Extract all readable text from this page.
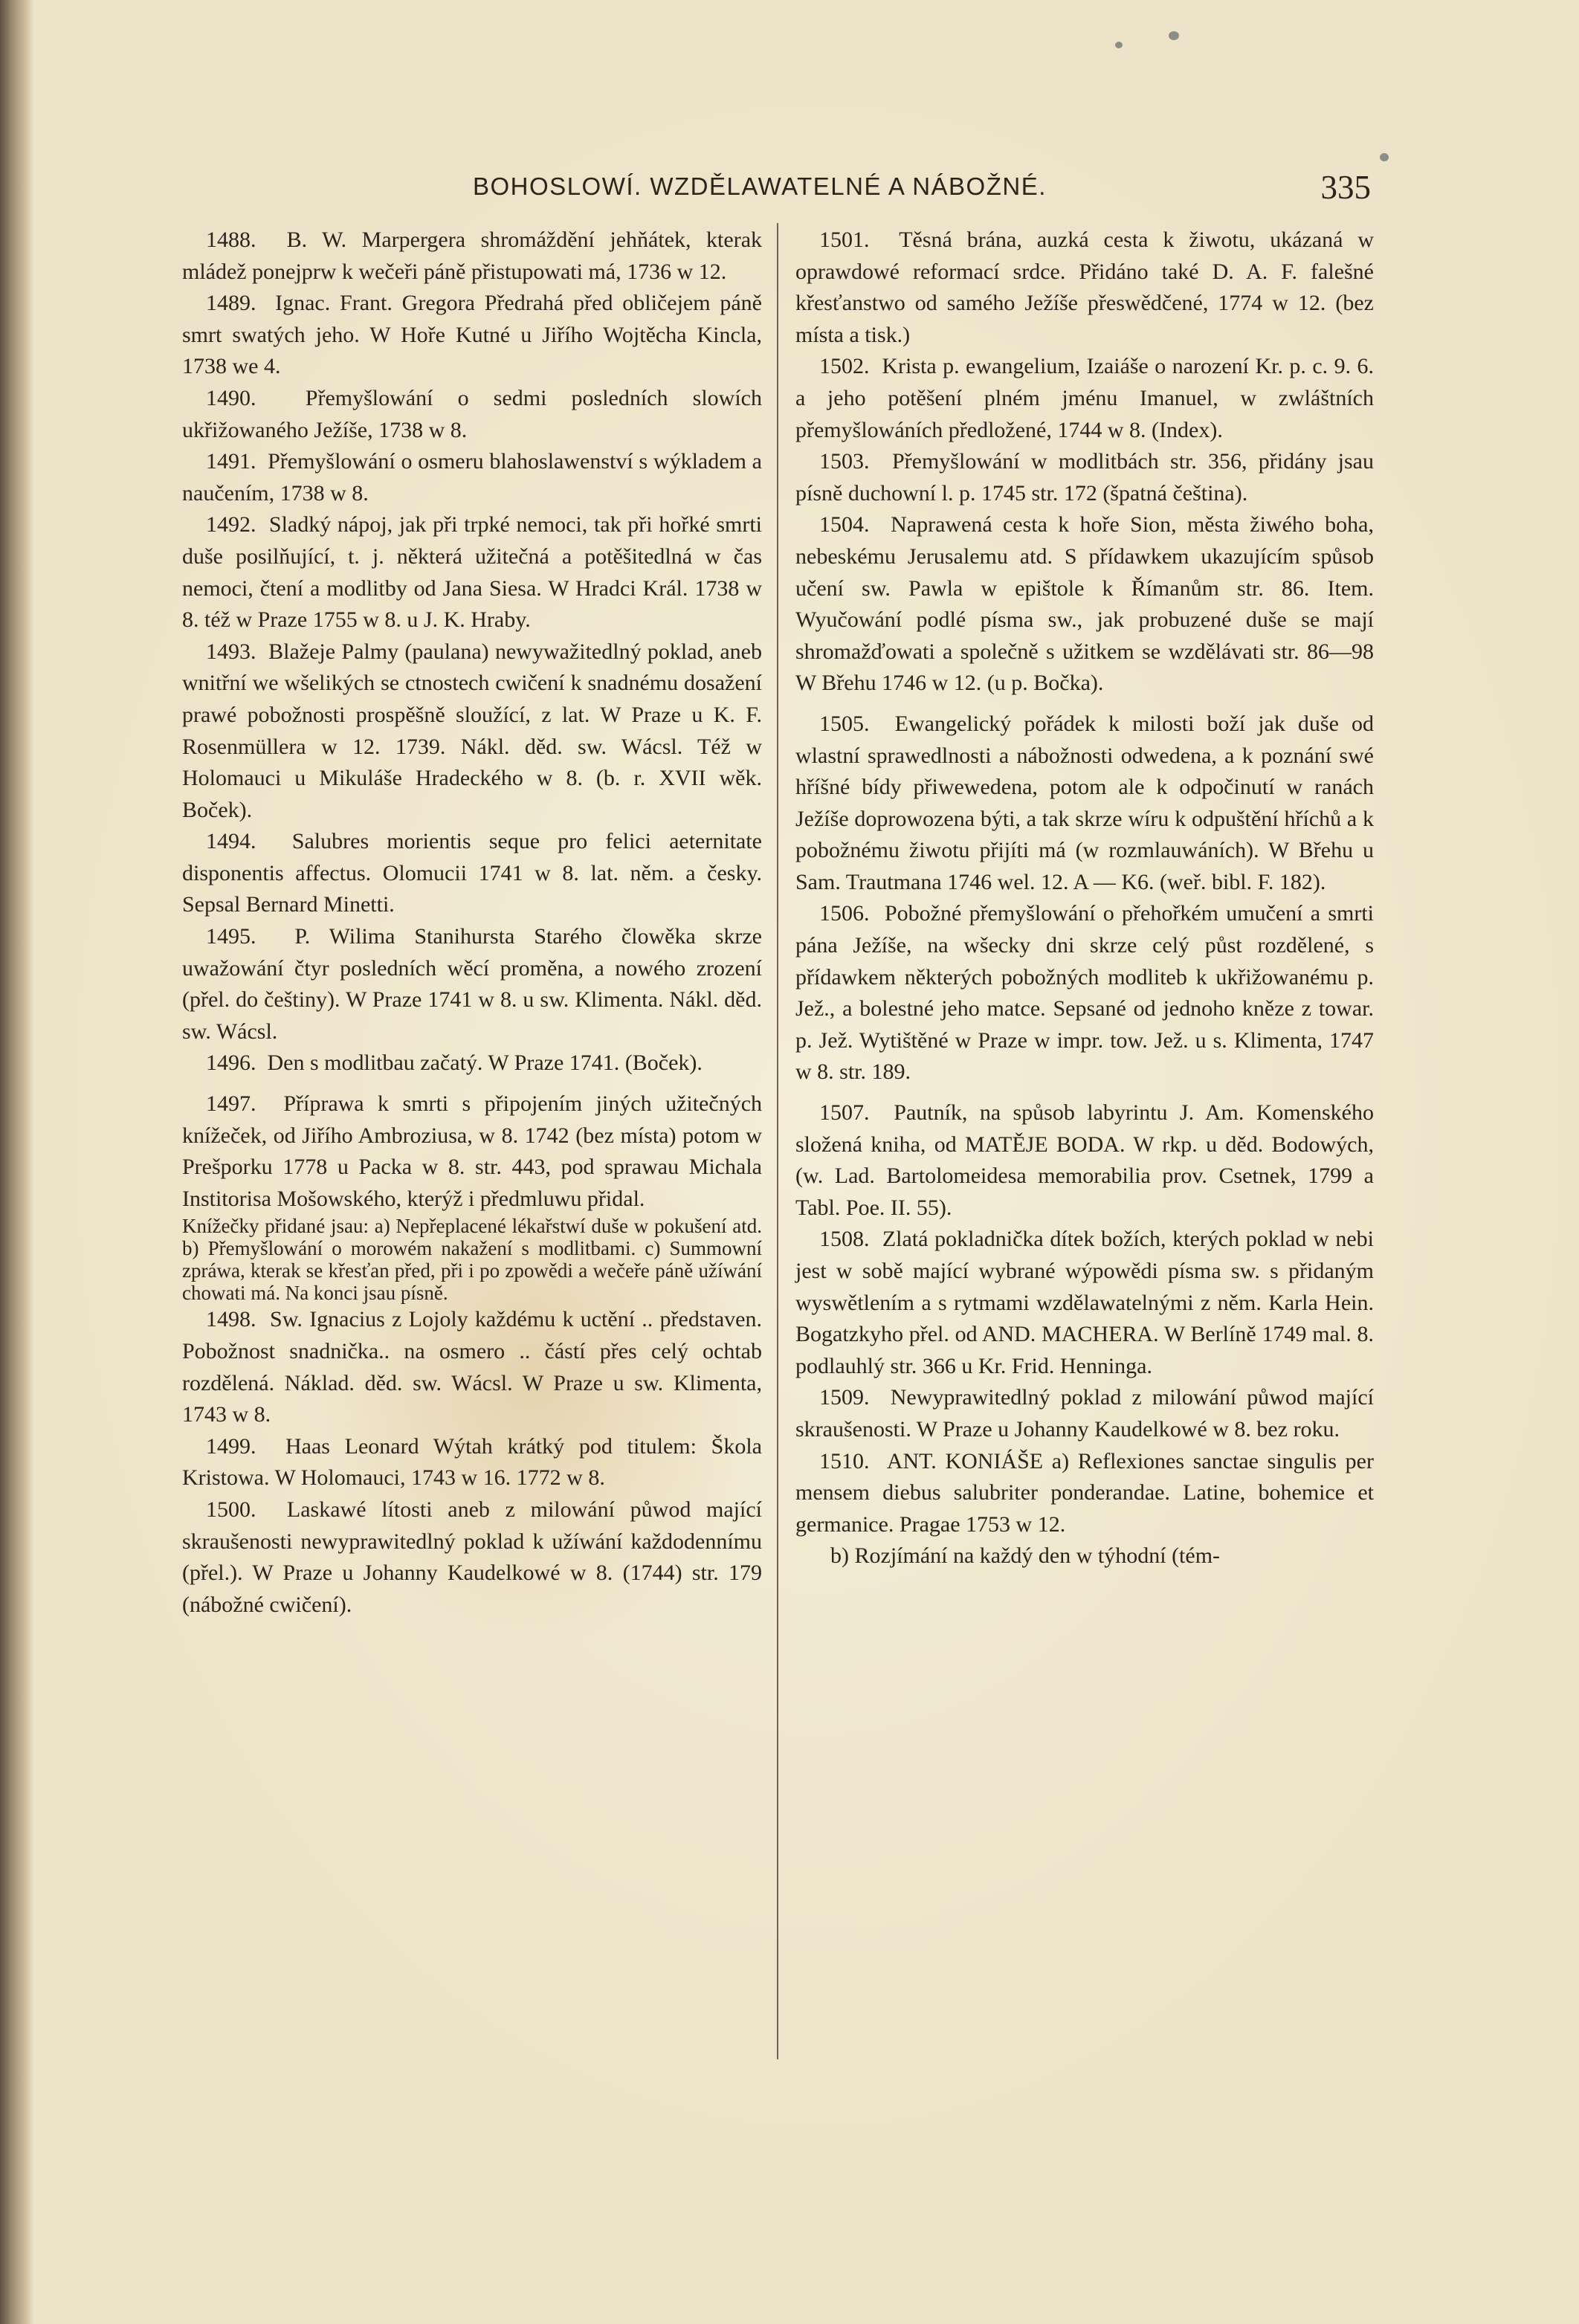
BOHOSLOWÍ. WZDĚLAWATELNÉ A NÁBOŽNÉ.	335

1488. B. W. Marpergera shromáždění jehňátek, kterak mládež ponejprw k wečeři páně přistupowati má, 1736 w 12.

1489. Ignac. Frant. Gregora Předrahá před obličejem páně smrt swatých jeho. W Hoře Kutné u Jiřího Wojtěcha Kincla, 1738 we 4.

1490. Přemyšlowání o sedmi posledních slowích ukřižowaného Ježíše, 1738 w 8.

1491. Přemyšlowání o osmeru blahoslawenství s wýkladem a naučením, 1738 w 8.

1492. Sladký nápoj, jak při trpké nemoci, tak při hořké smrti duše posilňující, t. j. některá užitečná a potěšitedlná w čas nemoci, čtení a modlitby od Jana Siesa. W Hradci Král. 1738 w 8. též w Praze 1755 w 8. u J. K. Hraby.

1493. Blažeje Palmy (paulana) newywažitedlný poklad, aneb wnitřní we wšelikých se ctnostech cwičení k snadnému dosažení prawé pobožnosti prospěšně sloužící, z lat. W Praze u K. F. Rosenmüllera w 12. 1739. Nákl. děd. sw. Wácsl. Též w Holomauci u Mikuláše Hradeckého w 8. (b. r. XVII wěk. Boček).

1494. Salubres morientis seque pro felici aeternitate disponentis affectus. Olomucii 1741 w 8. lat. něm. a česky. Sepsal Bernard Minetti.

1495. P. Wilima Stanihursta Starého člowěka skrze uwažowání čtyr posledních wěcí proměna, a nowého zrození (přel. do češtiny). W Praze 1741 w 8. u sw. Klimenta. Nákl. děd. sw. Wácsl.

1496. Den s modlitbau začatý. W Praze 1741. (Boček).

1497. Příprawa k smrti s připojením jiných užitečných knížeček, od Jiřího Ambroziusa, w 8. 1742 (bez místa) potom w Prešporku 1778 u Packa w 8. str. 443, pod sprawau Michala Institorisa Mošowského, kterýž i předmluwu přidal.

Knížečky přidané jsau: a) Nepřeplacené lékařstwí duše w pokušení atd. b) Přemyšlowání o morowém nakažení s modlitbami. c) Summowní zpráwa, kterak se křesťan před, při i po zpowědi a wečeře páně užíwání chowati má. Na konci jsau písně.

1498. Sw. Ignacius z Lojoly každému k uctění .. představen. Pobožnost snadnička.. na osmero .. částí přes celý ochtab rozdělená. Náklad. děd. sw. Wácsl. W Praze u sw. Klimenta, 1743 w 8.

1499. Haas Leonard Wýtah krátký pod titulem: Škola Kristowa. W Holomauci, 1743 w 16. 1772 w 8.

1500. Laskawé lítosti aneb z milowání půwod mající skraušenosti newyprawitedlný poklad k užíwání každodennímu (přel.). W Praze u Johanny Kaudelkowé w 8. (1744) str. 179 (nábožné cwičení).

1501. Těsná brána, auzká cesta k žiwotu, ukázaná w oprawdowé reformací srdce. Přidáno také D. A. F. falešné křesťanstwo od samého Ježíše přeswědčené, 1774 w 12. (bez místa a tisk.)

1502. Krista p. ewangelium, Izaiáše o narození Kr. p. c. 9. 6. a jeho potěšení plném jménu Imanuel, w zwláštních přemyšlowáních předložené, 1744 w 8. (Index).

1503. Přemyšlowání w modlitbách str. 356, přidány jsau písně duchowní l. p. 1745 str. 172 (špatná čeština).

1504. Naprawená cesta k hoře Sion, města žiwého boha, nebeskému Jerusalemu atd. S přídawkem ukazujícím spůsob učení sw. Pawla w epištole k Římanům str. 86. Item. Wyučowání podlé písma sw., jak probuzené duše se mají shromažďowati a společně s užitkem se wzdělávati str. 86—98 W Břehu 1746 w 12. (u p. Bočka).

1505. Ewangelický pořádek k milosti boží jak duše od wlastní sprawedlnosti a nábožnosti odwedena, a k poznání swé hříšné bídy přiwewedena, potom ale k odpočinutí w ranách Ježíše doprowozena býti, a tak skrze wíru k odpuštění hříchů a k pobožnému žiwotu přijíti má (w rozmlauwáních). W Břehu u Sam. Trautmana 1746 wel. 12. A — K6. (weř. bibl. F. 182).

1506. Pobožné přemyšlowání o přehořkém umučení a smrti pána Ježíše, na wšecky dni skrze celý půst rozdělené, s přídawkem některých pobožných modliteb k ukřižowanému p. Jež., a bolestné jeho matce. Sepsané od jednoho kněze z towar. p. Jež. Wytištěné w Praze w impr. tow. Jež. u s. Klimenta, 1747 w 8. str. 189.

1507. Pautník, na spůsob labyrintu J. Am. Komenského složená kniha, od MATĚJE BODA. W rkp. u děd. Bodowých, (w. Lad. Bartolomeidesa memorabilia prov. Csetnek, 1799 a Tabl. Poe. II. 55).

1508. Zlatá pokladnička dítek božích, kterých poklad w nebi jest w sobě mající wybrané wýpowědi písma sw. s přidaným wyswětlením a s rytmami wzdělawatelnými z něm. Karla Hein. Bogatzkyho přel. od AND. MACHERA. W Berlíně 1749 mal. 8. podlauhlý str. 366 u Kr. Frid. Henninga.

1509. Newyprawitedlný poklad z milowání půwod mající skraušenosti. W Praze u Johanny Kaudelkowé w 8. bez roku.

1510. ANT. KONIÁŠE a) Reflexiones sanctae singulis per mensem diebus salubriter ponderandae. Latine, bohemice et germanice. Pragae 1753 w 12.

b) Rozjímání na každý den w týhodní (tém-
